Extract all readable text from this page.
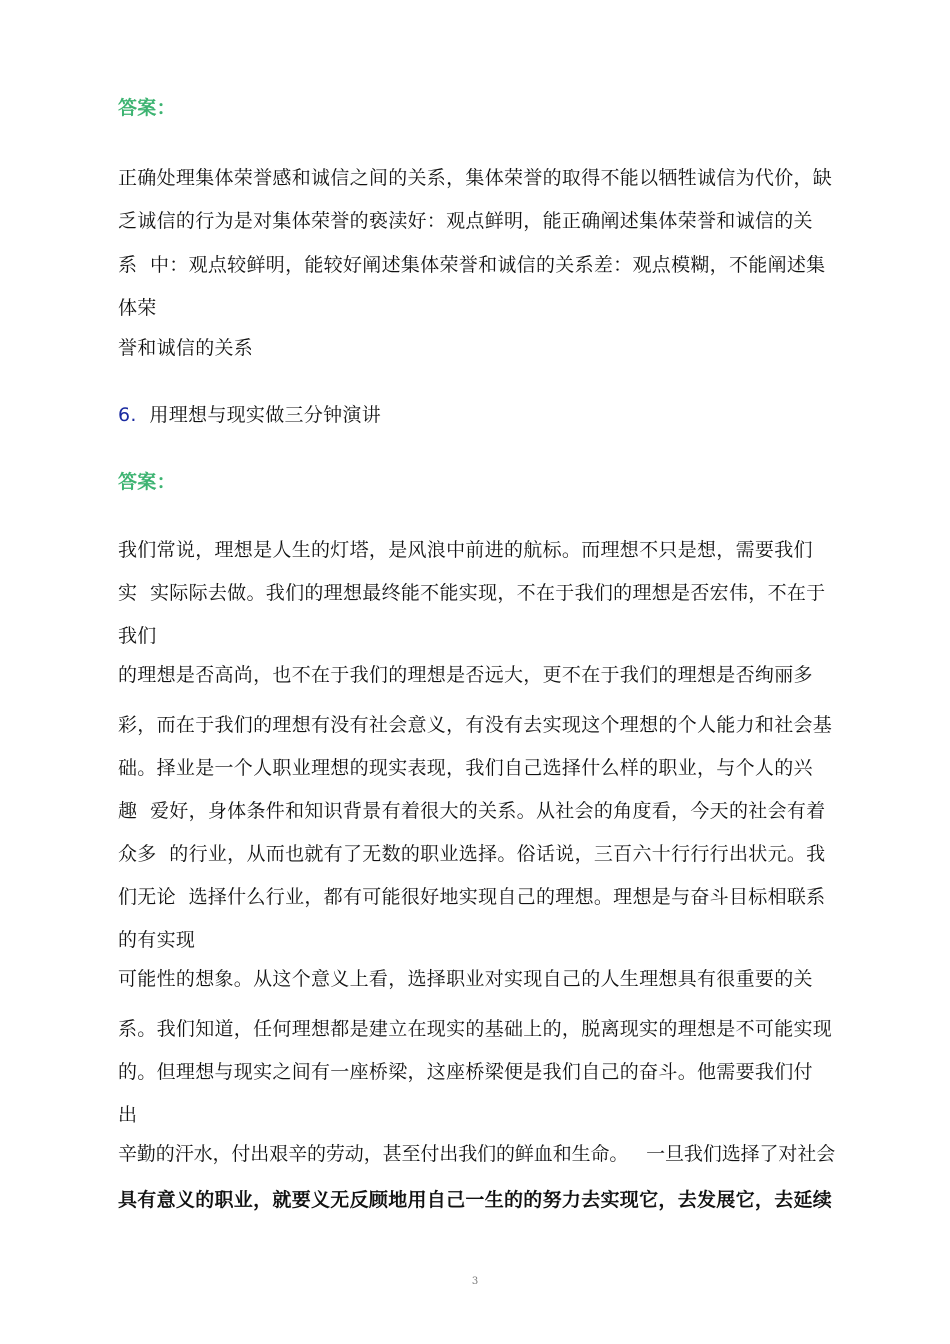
答案：
正确处理集体荣誉感和诚信之间的关系，集体荣誉的取得不能以牺牲诚信为代价，缺
乏诚信的行为是对集体荣誉的亵渎好：观点鲜明，能正确阐述集体荣誉和诚信的关
系  中：观点较鲜明，能较好阐述集体荣誉和诚信的关系差：观点模糊，不能阐述集
体荣
誉和诚信的关系
6. 用理想与现实做三分钟演讲
答案：
我们常说，理想是人生的灯塔，是风浪中前进的航标。而理想不只是想，需要我们
实  实际际去做。我们的理想最终能不能实现，不在于我们的理想是否宏伟，不在于
我们
的理想是否高尚，也不在于我们的理想是否远大，更不在于我们的理想是否绚丽多
彩，而在于我们的理想有没有社会意义，有没有去实现这个理想的个人能力和社会基
础。择业是一个人职业理想的现实表现，我们自己选择什么样的职业，与个人的兴
趣  爱好，身体条件和知识背景有着很大的关系。从社会的角度看，今天的社会有着
众多  的行业，从而也就有了无数的职业选择。俗话说，三百六十行行行出状元。我
们无论  选择什么行业，都有可能很好地实现自己的理想。理想是与奋斗目标相联系
的有实现
可能性的想象。从这个意义上看，选择职业对实现自己的人生理想具有很重要的关
系。我们知道，任何理想都是建立在现实的基础上的，脱离现实的理想是不可能实现
的。但理想与现实之间有一座桥梁，这座桥梁便是我们自己的奋斗。他需要我们付
出
辛勤的汗水，付出艰辛的劳动，甚至付出我们的鲜血和生命。   一旦我们选择了对社会
具有意义的职业，就要义无反顾地用自己一生的的努力去实现它，去发展它，去延续
3
